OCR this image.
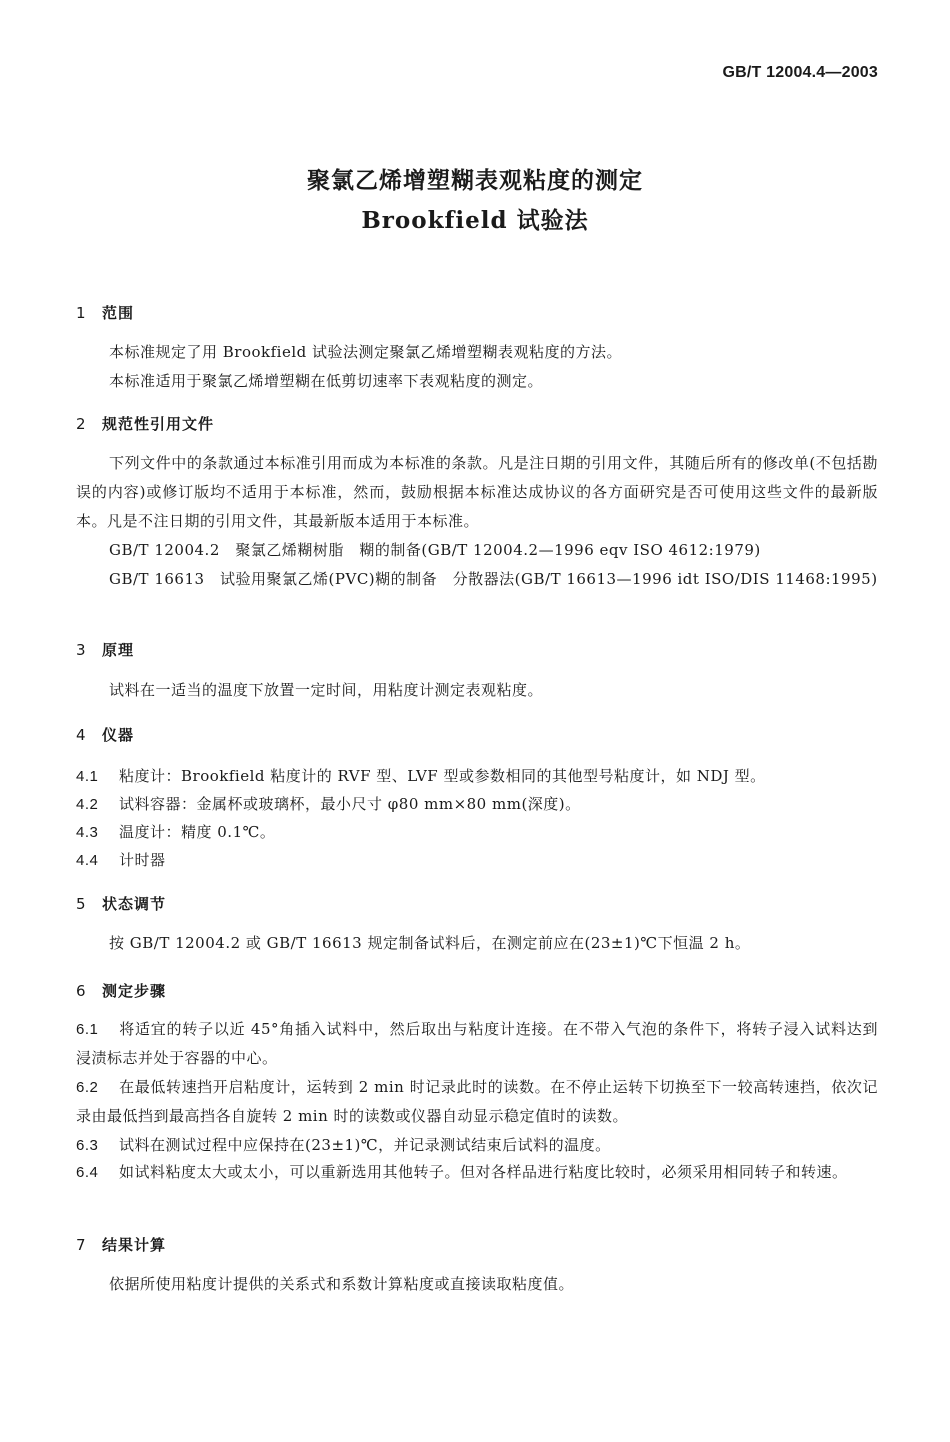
GB/T 12004.4—2003
聚氯乙烯增塑糊表观粘度的测定
Brookfield 试验法
1 范围
本标准规定了用 Brookfield 试验法测定聚氯乙烯增塑糊表观粘度的方法。
本标准适用于聚氯乙烯增塑糊在低剪切速率下表观粘度的测定。
2 规范性引用文件
下列文件中的条款通过本标准引用而成为本标准的条款。凡是注日期的引用文件，其随后所有的修改单(不包括勘误的内容)或修订版均不适用于本标准，然而，鼓励根据本标准达成协议的各方面研究是否可使用这些文件的最新版本。凡是不注日期的引用文件，其最新版本适用于本标准。
GB/T 12004.2　聚氯乙烯糊树脂　糊的制备(GB/T 12004.2—1996 eqv ISO 4612:1979)
GB/T 16613　试验用聚氯乙烯(PVC)糊的制备　分散器法(GB/T 16613—1996 idt ISO/DIS 11468:1995)
3 原理
试料在一适当的温度下放置一定时间，用粘度计测定表观粘度。
4 仪器
4.1 粘度计：Brookfield 粘度计的 RVF 型、LVF 型或参数相同的其他型号粘度计，如 NDJ 型。
4.2 试料容器：金属杯或玻璃杯，最小尺寸 φ80 mm×80 mm(深度)。
4.3 温度计：精度 0.1℃。
4.4 计时器
5 状态调节
按 GB/T 12004.2 或 GB/T 16613 规定制备试料后，在测定前应在(23±1)℃下恒温 2 h。
6 测定步骤
6.1 将适宜的转子以近 45°角插入试料中，然后取出与粘度计连接。在不带入气泡的条件下，将转子浸入试料达到浸渍标志并处于容器的中心。
6.2 在最低转速挡开启粘度计，运转到 2 min 时记录此时的读数。在不停止运转下切换至下一较高转速挡，依次记录由最低挡到最高挡各自旋转 2 min 时的读数或仪器自动显示稳定值时的读数。
6.3 试料在测试过程中应保持在(23±1)℃，并记录测试结束后试料的温度。
6.4 如试料粘度太大或太小，可以重新选用其他转子。但对各样品进行粘度比较时，必须采用相同转子和转速。
7 结果计算
依据所使用粘度计提供的关系式和系数计算粘度或直接读取粘度值。
